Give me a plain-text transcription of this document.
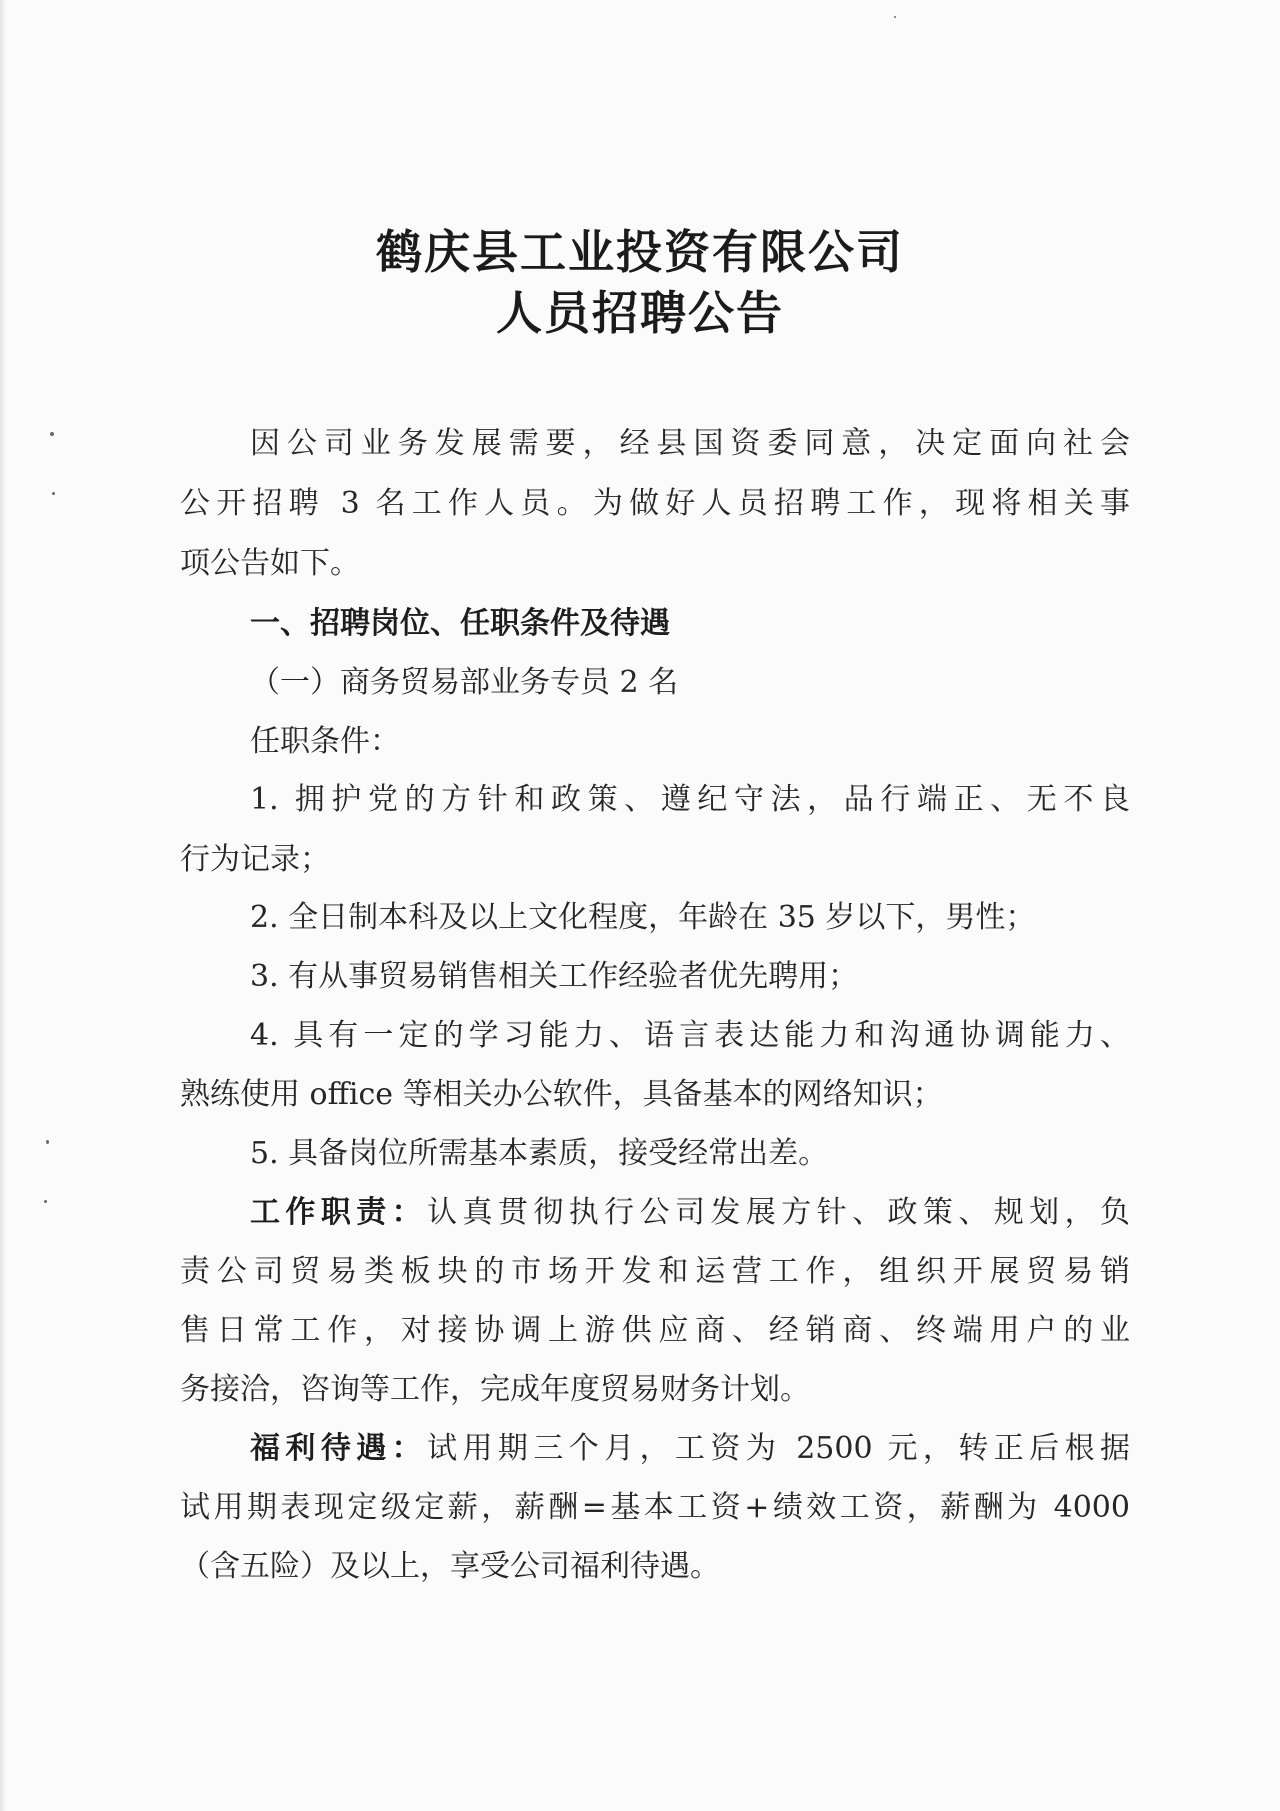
鹤庆县工业投资有限公司
人员招聘公告
因公司业务发展需要，经县国资委同意，决定面向社会
公开招聘 3 名工作人员。为做好人员招聘工作，现将相关事
项公告如下。
一、招聘岗位、任职条件及待遇
（一）商务贸易部业务专员 2 名
任职条件：
1. 拥护党的方针和政策、遵纪守法，品行端正、无不良
行为记录；
2. 全日制本科及以上文化程度，年龄在 35 岁以下，男性；
3. 有从事贸易销售相关工作经验者优先聘用；
4. 具有一定的学习能力、语言表达能力和沟通协调能力、
熟练使用 office 等相关办公软件，具备基本的网络知识；
5. 具备岗位所需基本素质，接受经常出差。
工作职责：认真贯彻执行公司发展方针、政策、规划，负
责公司贸易类板块的市场开发和运营工作，组织开展贸易销
售日常工作，对接协调上游供应商、经销商、终端用户的业
务接洽，咨询等工作，完成年度贸易财务计划。
福利待遇：试用期三个月，工资为 2500 元，转正后根据
试用期表现定级定薪，薪酬=基本工资+绩效工资，薪酬为 4000
（含五险）及以上，享受公司福利待遇。
